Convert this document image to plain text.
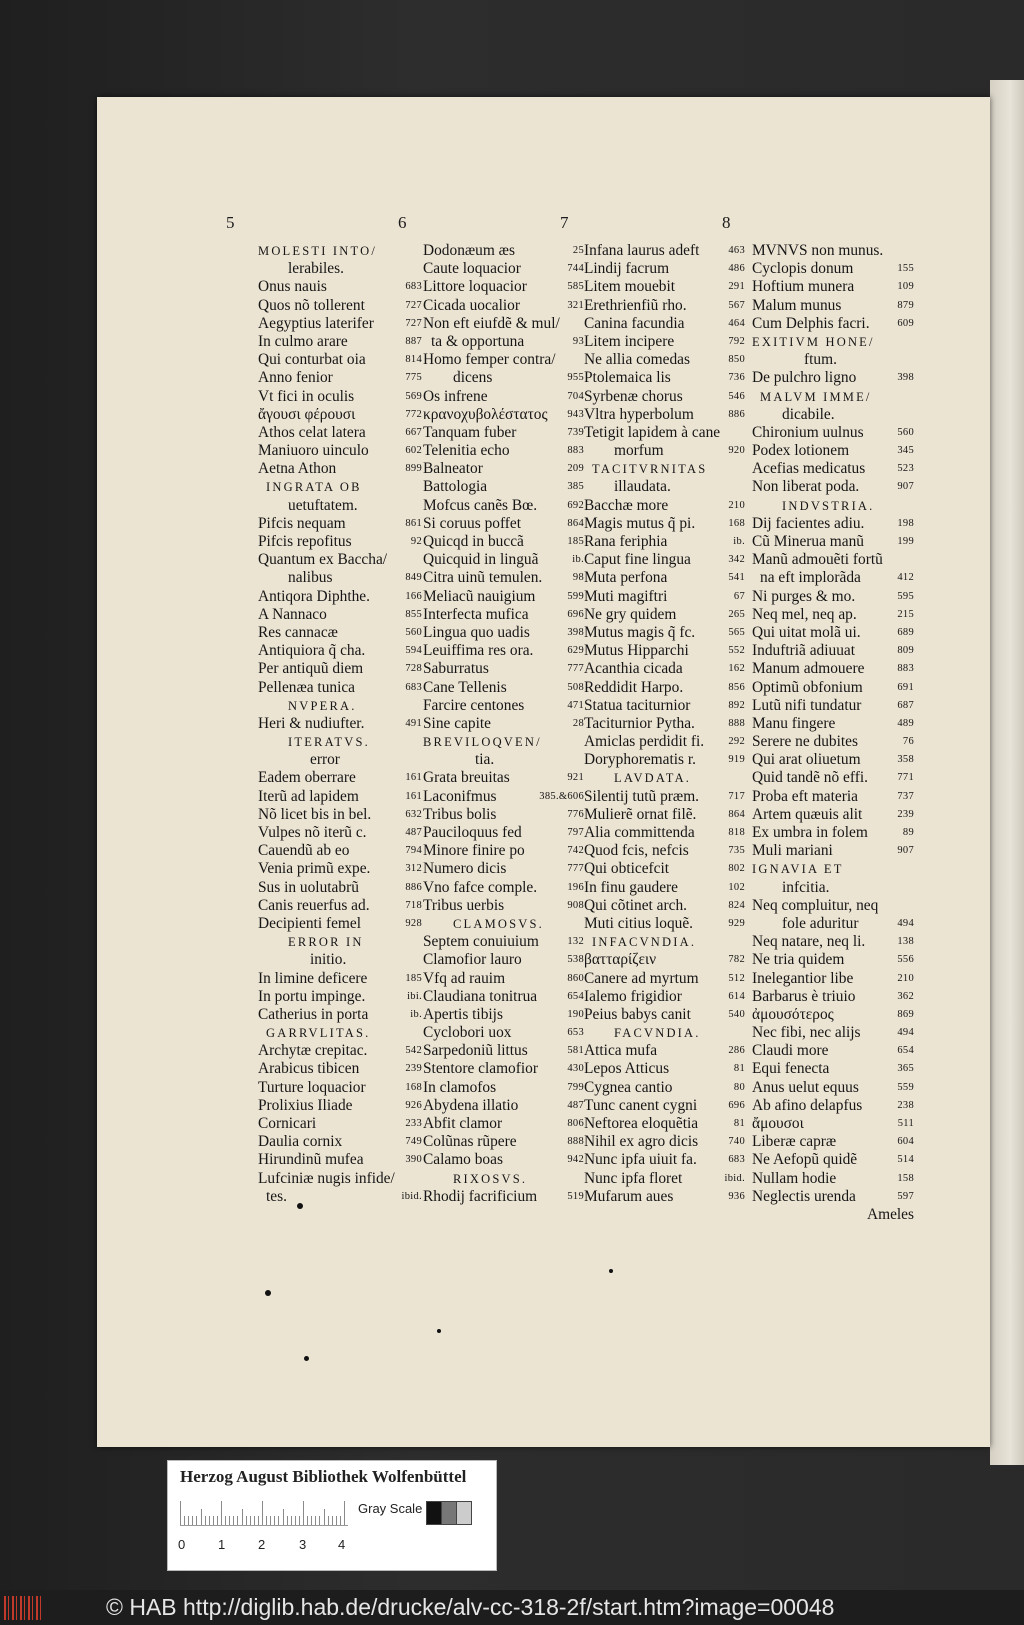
5
MOLESTI INTO/
lerabiles.
Onus nauis	683
Quos nõ tollerent	727
Aegyptius laterifer	727
In culmo arare	887
Qui conturbat oia	814
Anno fenior	775
Vt fici in oculis	569
ἄγουσι φέρουσι	772
Athos celat latera	667
Maniuoro uinculo	602
Aetna Athon	899
INGRATA OB
uetuftatem.
Pifcis nequam	861
Pifcis repofitus	92
Quantum ex Baccha/
nalibus	849
Antiqora Diphthe.	166
A Nannaco	855
Res cannacæ	560
Antiquiora q̃ cha.	594
Per antiquũ diem	728
Pellenæa tunica	683
NVPERA.
Heri & nudiufter.	491
ITERATVS.
error
Eadem oberrare	161
Iterũ ad lapidem	161
Nõ licet bis in bel.	632
Vulpes nõ iterũ c.	487
Cauendũ ab eo	794
Venia primũ expe.	312
Sus in uolutabrũ	886
Canis reuerfus ad.	718
Decipienti femel	928
ERROR IN
initio.
In limine deficere	185
In portu impinge.	ibi.
Catherius in porta	ib.
GARRVLITAS.
Archytæ crepitac.	542
Arabicus tibicen	239
Turture loquacior	168
Prolixius Iliade	926
Cornicari	233
Daulia cornix	749
Hirundinũ mufea	390
Lufciniæ nugis infide/
tes.	ibid.
6
Dodonæum æs	25
Caute loquacior	744
Littore loquacior	585
Cicada uocalior	321
Non eft eiufdẽ & mul/
ta & opportuna	93
Homo femper contra/
dicens	955
Os infrene	704
κρανοχυβολέστατος 943
Tanquam fuber	739
Telenitia echo	883
Balneator	209
Battologia	385
Mofcus canẽs Bœ.	692
Si coruus poffet	864
Quicqd in buccã	185
Quicquid in linguã	ib.
Citra uinũ temulen.	98
Meliacũ nauigium	599
Interfecta mufica	696
Lingua quo uadis	398
Leuiffima res ora.	629
Saburratus	777
Cane Tellenis	508
Farcire centones	471
Sine capite	28
BREVILOQVEN/
tia.
Grata breuitas	921
Laconifmus	385.&606
Tribus bolis	776
Pauciloquus fed	797
Minore finire po	742
Numero dicis	777
Vno fafce comple.	196
Tribus uerbis	908
CLAMOSVS.
Septem conuiuium	132
Clamofior lauro	538
Vfq ad rauim	860
Claudiana tonitrua	654
Apertis tibijs	190
Cyclobori uox	653
Sarpedoniũ littus	581
Stentore clamofior	430
In clamofos	799
Abydena illatio	487
Abfit clamor	806
Colũnas rũpere	888
Calamo boas	942
RIXOSVS.
Rhodij facrificium	519
7
Infana laurus adeft	463
Lindij facrum	486
Litem mouebit	291
Erethrienfiũ rho.	567
Canina facundia	464
Litem incipere	792
Ne allia comedas	850
Ptolemaica lis	736
Syrbenæ chorus	546
Vltra hyperbolum	886
Tetigit lapidem à cane
morfum	920
TACITVRNITAS
illaudata.
Bacchæ more	210
Magis mutus q̃ pi.	168
Rana feriphia	ib.
Caput fine lingua	342
Muta perfona	541
Muti magiftri	67
Ne gry quidem	265
Mutus magis q̃ fc.	565
Mutus Hipparchi	552
Acanthia cicada	162
Reddidit Harpo.	856
Statua taciturnior	892
Taciturnior Pytha.	888
Amiclas perdidit fi. 292
Doryphorematis r.	919
LAVDATA.
Silentij tutũ præm.	717
Mulierẽ ornat filẽ.	864
Alia committenda	818
Quod fcis, nefcis	735
Qui obticefcit	802
In finu gaudere	102
Qui cõtinet arch.	824
Muti citius loquẽ.	929
INFACVNDIA.
βατταρίζειν	782
Canere ad myrtum	512
Ialemo frigidior	614
Peius babys canit	540
FACVNDIA.
Attica mufa	286
Lepos Atticus	81
Cygnea cantio	80
Tunc canent cygni	696
Neftorea eloquẽtia	81
Nihil ex agro dicis	740
Nunc ipfa uiuit fa.	683
Nunc ipfa floret	ibid.
Mufarum aues	936
8
MVNVS non munus.
Cyclopis donum	155
Hoftium munera	109
Malum munus	879
Cum Delphis facri.	609
EXITIVM HONE/
ftum.
De pulchro ligno	398
MALVM IMME/
dicabile.
Chironium uulnus	560
Podex lotionem	345
Acefias medicatus	523
Non liberat poda.	907
INDVSTRIA.
Dij facientes adiu.	198
Cũ Minerua manũ	199
Manũ admouẽti fortũ
na eft implorãda	412
Ni purges & mo.	595
Neq mel, neq ap.	215
Qui uitat molã ui.	689
Induftriã adiuuat	809
Manum admouere	883
Optimũ obfonium	691
Lutũ nifi tundatur	687
Manu fingere	489
Serere ne dubites	76
Qui arat oliuetum	358
Quid tandẽ nõ effi.	771
Proba eft materia	737
Artem quæuis alit	239
Ex umbra in folem	89
Muli mariani	907
IGNAVIA ET
infcitia.
Neq compluitur, neq
fole aduritur	494
Neq natare, neq li.	138
Ne tria quidem	556
Inelegantior libe	210
Barbarus è triuio	362
ἀμουσότερος	869
Nec fibi, nec alijs	494
Claudi more	654
Equi fenecta	365
Anus uelut equus	559
Ab afino delapfus	238
ἄμουσοι	511
Liberæ capræ	604
Ne Aefopũ quidẽ	514
Nullam hodie	158
Neglectis urenda	597
Ameles
Herzog August Bibliothek Wolfenbüttel
Gray Scale
0	1	2	3 4
© HAB http://diglib.hab.de/drucke/alv-cc-318-2f/start.htm?image=00048
